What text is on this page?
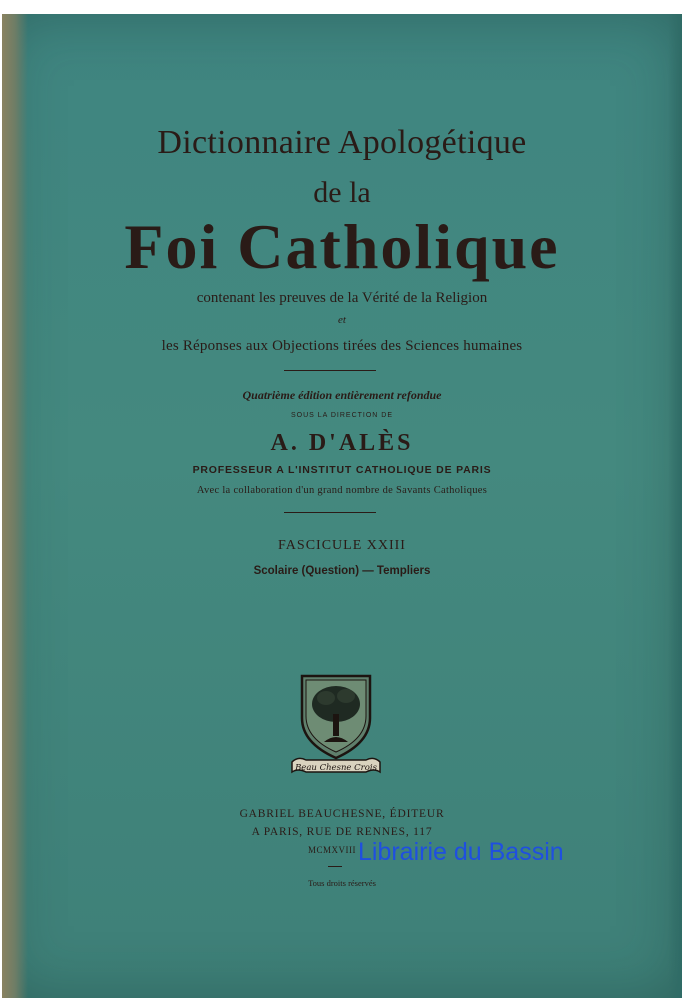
Dictionnaire Apologétique
de la
Foi Catholique
contenant les preuves de la Vérité de la Religion
et
les Réponses aux Objections tirées des Sciences humaines
Quatrième édition entièrement refondue
SOUS LA DIRECTION DE
A. D'ALÈS
PROFESSEUR A L'INSTITUT CATHOLIQUE DE PARIS
Avec la collaboration d'un grand nombre de Savants Catholiques
FASCICULE XXIII
Scolaire (Question) — Templiers
Beau Chesne Crois
GABRIEL BEAUCHESNE, ÉDITEUR
A PARIS, RUE DE RENNES, 117
MCMXVIII
Tous droits réservés
Librairie du Bassin
